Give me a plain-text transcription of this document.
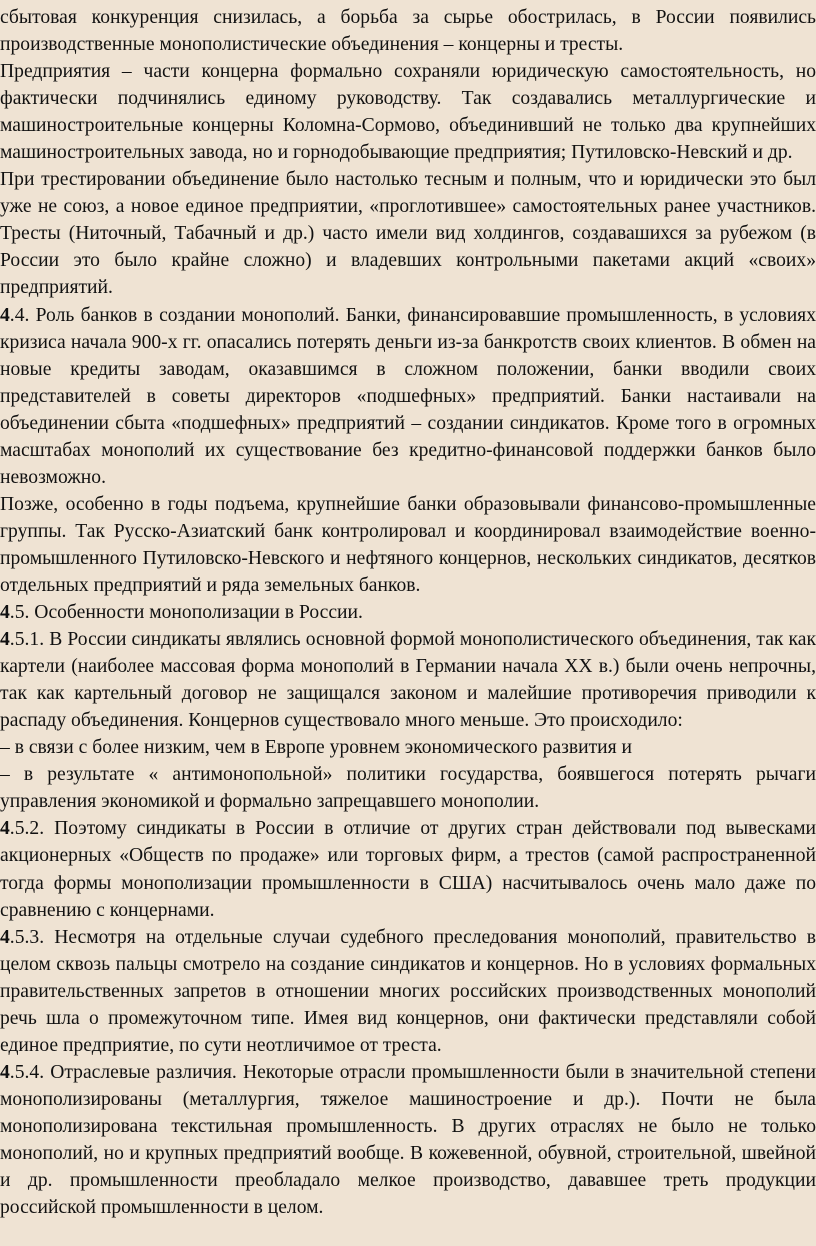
сбытовая конкуренция снизилась, а борьба за сырье обострилась, в России появились производственные монополистические объединения – концерны и тресты.

Предприятия – части концерна формально сохраняли юридическую самостоятельность, но фактически подчинялись единому руководству. Так создавались металлургические и машиностроительные концерны Коломна-Сормово, объединивший не только два крупнейших машиностроительных завода, но и горнодобывающие предприятия; Путиловско-Невский и др.

При трестировании объединение было настолько тесным и полным, что и юридически это был уже не союз, а новое единое предприятии, «проглотившее» самостоятельных ранее участников. Тресты (Ниточный, Табачный и др.) часто имели вид холдингов, создавашихся за рубежом (в России это было крайне сложно) и владевших контрольными пакетами акций «своих» предприятий.

4.4. Роль банков в создании монополий. Банки, финансировавшие промышленность, в условиях кризиса начала 900-х гг. опасались потерять деньги из-за банкротств своих клиентов. В обмен на новые кредиты заводам, оказавшимся в сложном положении, банки вводили своих представителей в советы директоров «подшефных» предприятий. Банки настаивали на объединении сбыта «подшефных» предприятий – создании синдикатов. Кроме того в огромных масштабах монополий их существование без кредитно-финансовой поддержки банков было невозможно.

Позже, особенно в годы подъема, крупнейшие банки образовывали финансово-промышленные группы. Так Русско-Азиатский банк контролировал и координировал взаимодействие военно-промышленного Путиловско-Невского и нефтяного концернов, нескольких синдикатов, десятков отдельных предприятий и ряда земельных банков.

4.5. Особенности монополизации в России.

4.5.1. В России синдикаты являлись основной формой монополистического объединения, так как картели (наиболее массовая форма монополий в Германии начала XX в.) были очень непрочны, так как картельный договор не защищался законом и малейшие противоречия приводили к распаду объединения. Концернов существовало много меньше. Это происходило:

– в связи с более низким, чем в Европе уровнем экономического развития и

– в результате « антимонопольной» политики государства, боявшегося потерять рычаги управления экономикой и формально запрещавшего монополии.

4.5.2. Поэтому синдикаты в России в отличие от других стран действовали под вывесками акционерных «Обществ по продаже» или торговых фирм, а трестов (самой распространенной тогда формы монополизации промышленности в США) насчитывалось очень мало даже по сравнению с концернами.

4.5.3. Несмотря на отдельные случаи судебного преследования монополий, правительство в целом сквозь пальцы смотрело на создание синдикатов и концернов. Но в условиях формальных правительственных запретов в отношении многих российских производственных монополий речь шла о промежуточном типе. Имея вид концернов, они фактически представляли собой единое предприятие, по сути неотличимое от треста.

4.5.4. Отраслевые различия. Некоторые отрасли промышленности были в значительной степени монополизированы (металлургия, тяжелое машиностроение и др.). Почти не была монополизирована текстильная промышленность. В других отраслях не было не только монополий, но и крупных предприятий вообще. В кожевенной, обувной, строительной, швейной и др. промышленности преобладало мелкое производство, дававшее треть продукции российской промышленности в целом.
